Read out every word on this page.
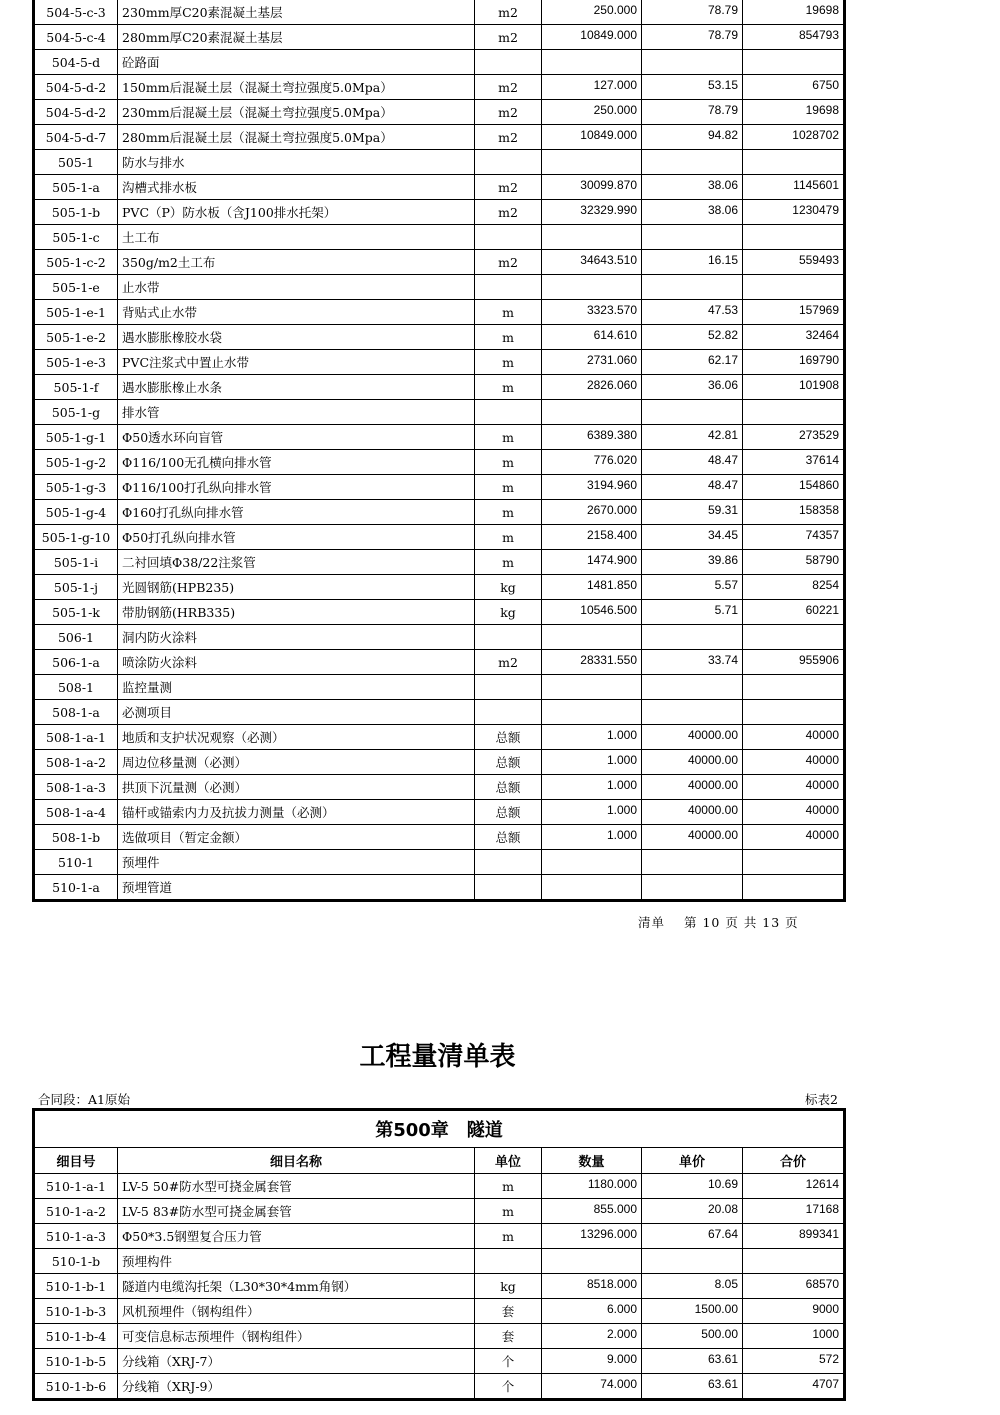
504-5-c-3	230mm厚C20素混凝土基层	m2	250.000	78.79	19698
504-5-c-4	280mm厚C20素混凝土基层	m2	10849.000	78.79	854793
504-5-d	砼路面				
504-5-d-2	150mm后混凝土层（混凝土弯拉强度5.0Mpa）	m2	127.000	53.15	6750
504-5-d-2	230mm后混凝土层（混凝土弯拉强度5.0Mpa）	m2	250.000	78.79	19698
504-5-d-7	280mm后混凝土层（混凝土弯拉强度5.0Mpa）	m2	10849.000	94.82	1028702
505-1	防水与排水				
505-1-a	沟槽式排水板	m2	30099.870	38.06	1145601
505-1-b	PVC（P）防水板（含J100排水托架）	m2	32329.990	38.06	1230479
505-1-c	土工布				
505-1-c-2	350g/m2土工布	m2	34643.510	16.15	559493
505-1-e	止水带				
505-1-e-1	背贴式止水带	m	3323.570	47.53	157969
505-1-e-2	遇水膨胀橡胶水袋	m	614.610	52.82	32464
505-1-e-3	PVC注浆式中置止水带	m	2731.060	62.17	169790
505-1-f	遇水膨胀橡止水条	m	2826.060	36.06	101908
505-1-g	排水管				
505-1-g-1	Φ50透水环向盲管	m	6389.380	42.81	273529
505-1-g-2	Φ116/100无孔横向排水管	m	776.020	48.47	37614
505-1-g-3	Φ116/100打孔纵向排水管	m	3194.960	48.47	154860
505-1-g-4	Φ160打孔纵向排水管	m	2670.000	59.31	158358
505-1-g-10	Φ50打孔纵向排水管	m	2158.400	34.45	74357
505-1-i	二衬回填Φ38/22注浆管	m	1474.900	39.86	58790
505-1-j	光圆钢筋(HPB235)	kg	1481.850	5.57	8254
505-1-k	带肋钢筋(HRB335)	kg	10546.500	5.71	60221
506-1	洞内防火涂料				
506-1-a	喷涂防火涂料	m2	28331.550	33.74	955906
508-1	监控量测				
508-1-a	必测项目				
508-1-a-1	地质和支护状况观察（必测）	总额	1.000	40000.00	40000
508-1-a-2	周边位移量测（必测）	总额	1.000	40000.00	40000
508-1-a-3	拱顶下沉量测（必测）	总额	1.000	40000.00	40000
508-1-a-4	锚杆或锚索内力及抗拔力测量（必测）	总额	1.000	40000.00	40000
508-1-b	选做项目（暂定金额）	总额	1.000	40000.00	40000
510-1	预埋件				
510-1-a	预埋管道				
清单 第 10 页 共 13 页
工程量清单表
合同段：A1原始	标表2
第500章　隧道					
细目号	细目名称	单位	数量	单价	合价
510-1-a-1	LV-5 50#防水型可挠金属套管	m	1180.000	10.69	12614
510-1-a-2	LV-5 83#防水型可挠金属套管	m	855.000	20.08	17168
510-1-a-3	Φ50*3.5钢塑复合压力管	m	13296.000	67.64	899341
510-1-b	预埋构件				
510-1-b-1	隧道内电缆沟托架（L30*30*4mm角钢）	kg	8518.000	8.05	68570
510-1-b-3	风机预埋件（钢构组件）	套	6.000	1500.00	9000
510-1-b-4	可变信息标志预埋件（钢构组件）	套	2.000	500.00	1000
510-1-b-5	分线箱（XRJ-7）	个	9.000	63.61	572
510-1-b-6	分线箱（XRJ-9）	个	74.000	63.61	4707
